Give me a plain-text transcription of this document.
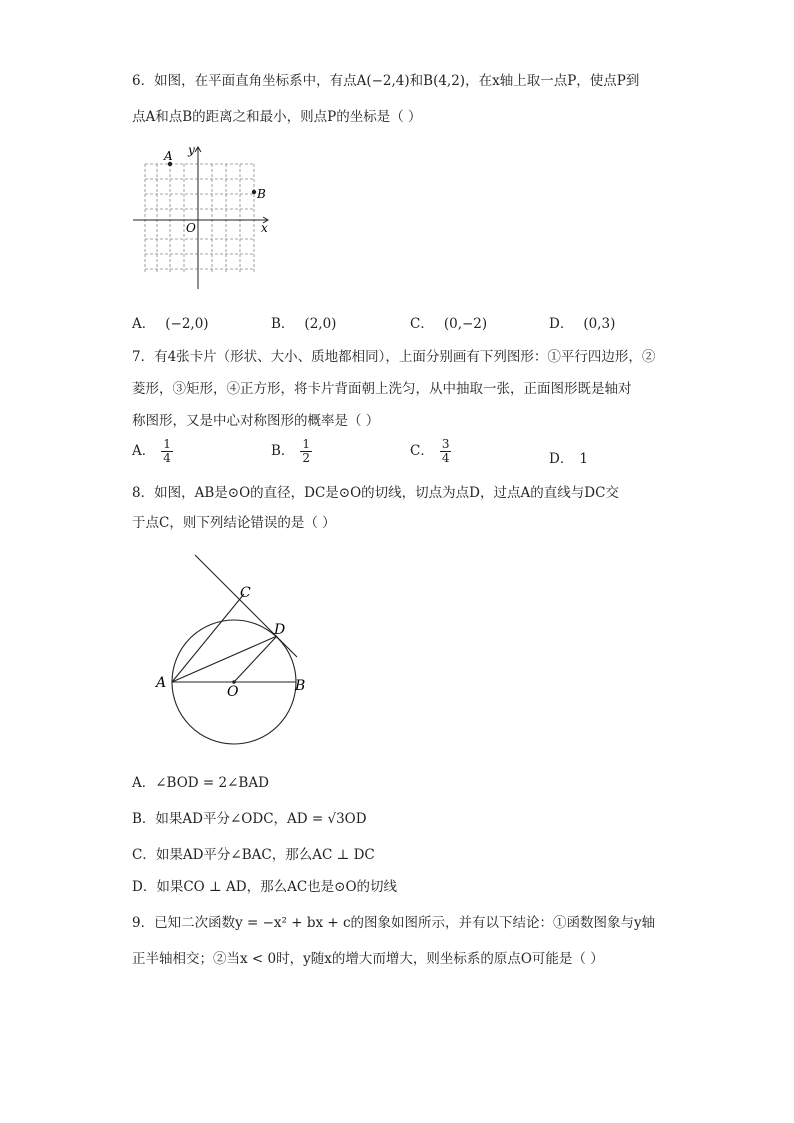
6．如图，在平面直角坐标系中，有点A(−2,4)和B(4,2)，在x轴上取一点P，使点P到
点A和点B的距离之和最小，则点P的坐标是（ ）
A
B
O	x
y
A． (−2,0)	B． (2,0)	C． (0,−2)	D． (0,3)
7．有4张卡片（形状、大小、质地都相同），上面分别画有下列图形：①平行四边形，②
菱形，③矩形，④正方形，将卡片背面朝上洗匀，从中抽取一张，正面图形既是轴对
称图形，又是中心对称图形的概率是（ ）
A． $\frac{1}{4}$	B． $\frac{1}{2}$	C． $\frac{3}{4}$	D． 1
8．如图，AB是⊙O的直径，DC是⊙O的切线，切点为点D，过点A的直线与DC交
于点C，则下列结论错误的是（ ）
A	B
C
D
O
A．∠BOD = 2∠BAD
B．如果AD平分∠ODC，AD = √3OD
C．如果AD平分∠BAC，那么AC ⊥ DC
D．如果CO ⊥ AD，那么AC也是⊙O的切线
9．已知二次函数y = −x² + bx + c的图象如图所示，并有以下结论：①函数图象与y轴
正半轴相交；②当x < 0时，y随x的增大而增大，则坐标系的原点O可能是（ ）
